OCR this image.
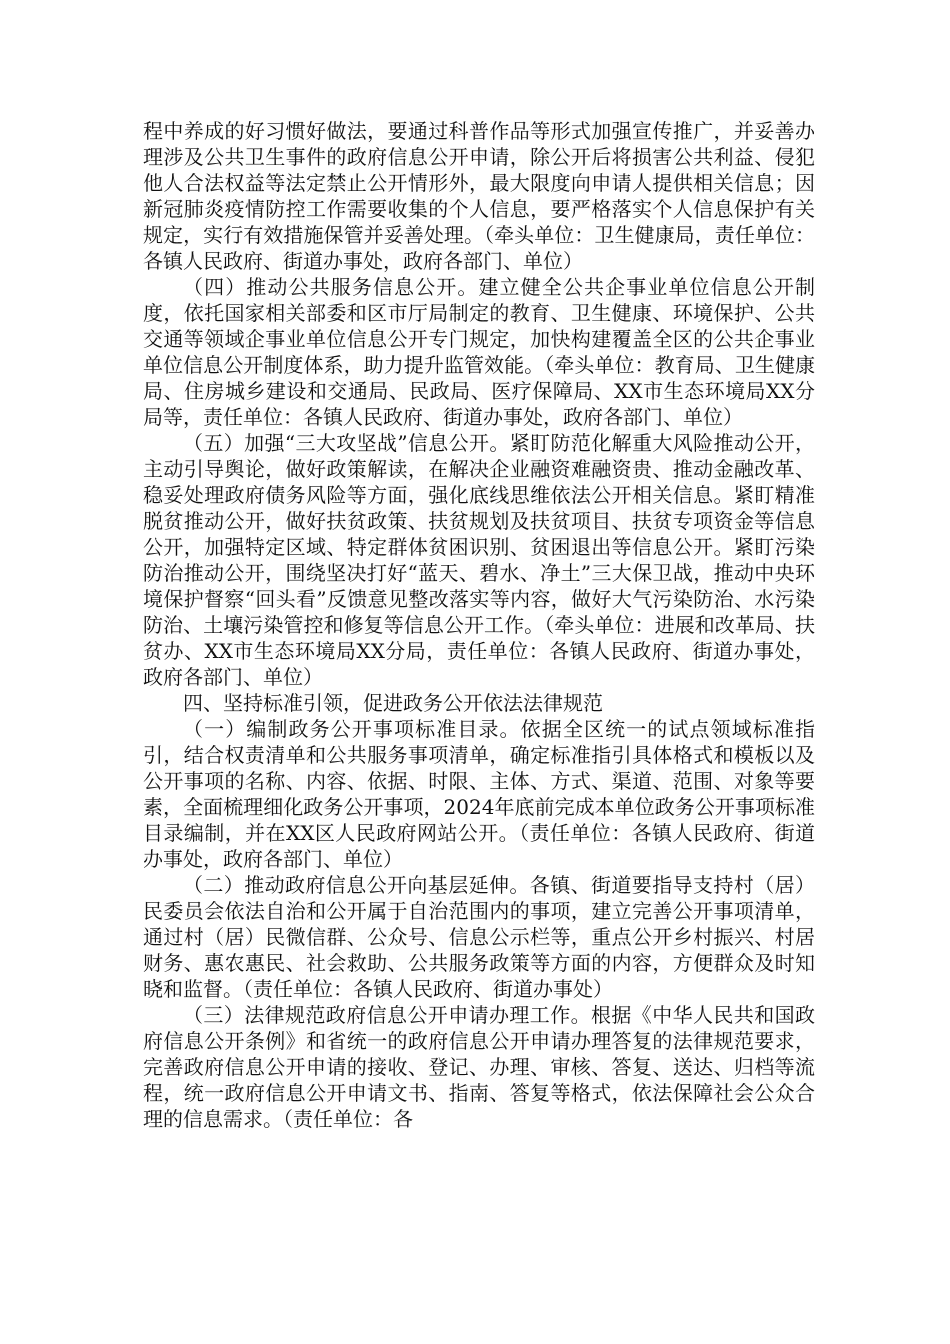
程中养成的好习惯好做法，要通过科普作品等形式加强宣传推广，并妥善办理涉及公共卫生事件的政府信息公开申请，除公开后将损害公共利益、侵犯他人合法权益等法定禁止公开情形外，最大限度向申请人提供相关信息；因新冠肺炎疫情防控工作需要收集的个人信息，要严格落实个人信息保护有关规定，实行有效措施保管并妥善处理。（牵头单位：卫生健康局，责任单位：各镇人民政府、街道办事处，政府各部门、单位）

（四）推动公共服务信息公开。建立健全公共企事业单位信息公开制度，依托国家相关部委和区市厅局制定的教育、卫生健康、环境保护、公共交通等领域企事业单位信息公开专门规定，加快构建覆盖全区的公共企事业单位信息公开制度体系，助力提升监管效能。（牵头单位：教育局、卫生健康局、住房城乡建设和交通局、民政局、医疗保障局、XX市生态环境局XX分局等，责任单位：各镇人民政府、街道办事处，政府各部门、单位）

（五）加强“三大攻坚战”信息公开。紧盯防范化解重大风险推动公开，主动引导舆论，做好政策解读，在解决企业融资难融资贵、推动金融改革、稳妥处理政府债务风险等方面，强化底线思维依法公开相关信息。紧盯精准脱贫推动公开，做好扶贫政策、扶贫规划及扶贫项目、扶贫专项资金等信息公开，加强特定区域、特定群体贫困识别、贫困退出等信息公开。紧盯污染防治推动公开，围绕坚决打好“蓝天、碧水、净土”三大保卫战，推动中央环境保护督察“回头看”反馈意见整改落实等内容，做好大气污染防治、水污染防治、土壤污染管控和修复等信息公开工作。（牵头单位：进展和改革局、扶贫办、XX市生态环境局XX分局，责任单位：各镇人民政府、街道办事处，政府各部门、单位）

四、坚持标准引领，促进政务公开依法法律规范

（一）编制政务公开事项标准目录。依据全区统一的试点领域标准指引，结合权责清单和公共服务事项清单，确定标准指引具体格式和模板以及公开事项的名称、内容、依据、时限、主体、方式、渠道、范围、对象等要素，全面梳理细化政务公开事项，2024年底前完成本单位政务公开事项标准目录编制，并在XX区人民政府网站公开。（责任单位：各镇人民政府、街道办事处，政府各部门、单位）

（二）推动政府信息公开向基层延伸。各镇、街道要指导支持村（居）民委员会依法自治和公开属于自治范围内的事项，建立完善公开事项清单，通过村（居）民微信群、公众号、信息公示栏等，重点公开乡村振兴、村居财务、惠农惠民、社会救助、公共服务政策等方面的内容，方便群众及时知晓和监督。（责任单位：各镇人民政府、街道办事处）

（三）法律规范政府信息公开申请办理工作。根据《中华人民共和国政府信息公开条例》和省统一的政府信息公开申请办理答复的法律规范要求，完善政府信息公开申请的接收、登记、办理、审核、答复、送达、归档等流程，统一政府信息公开申请文书、指南、答复等格式，依法保障社会公众合理的信息需求。（责任单位：各
